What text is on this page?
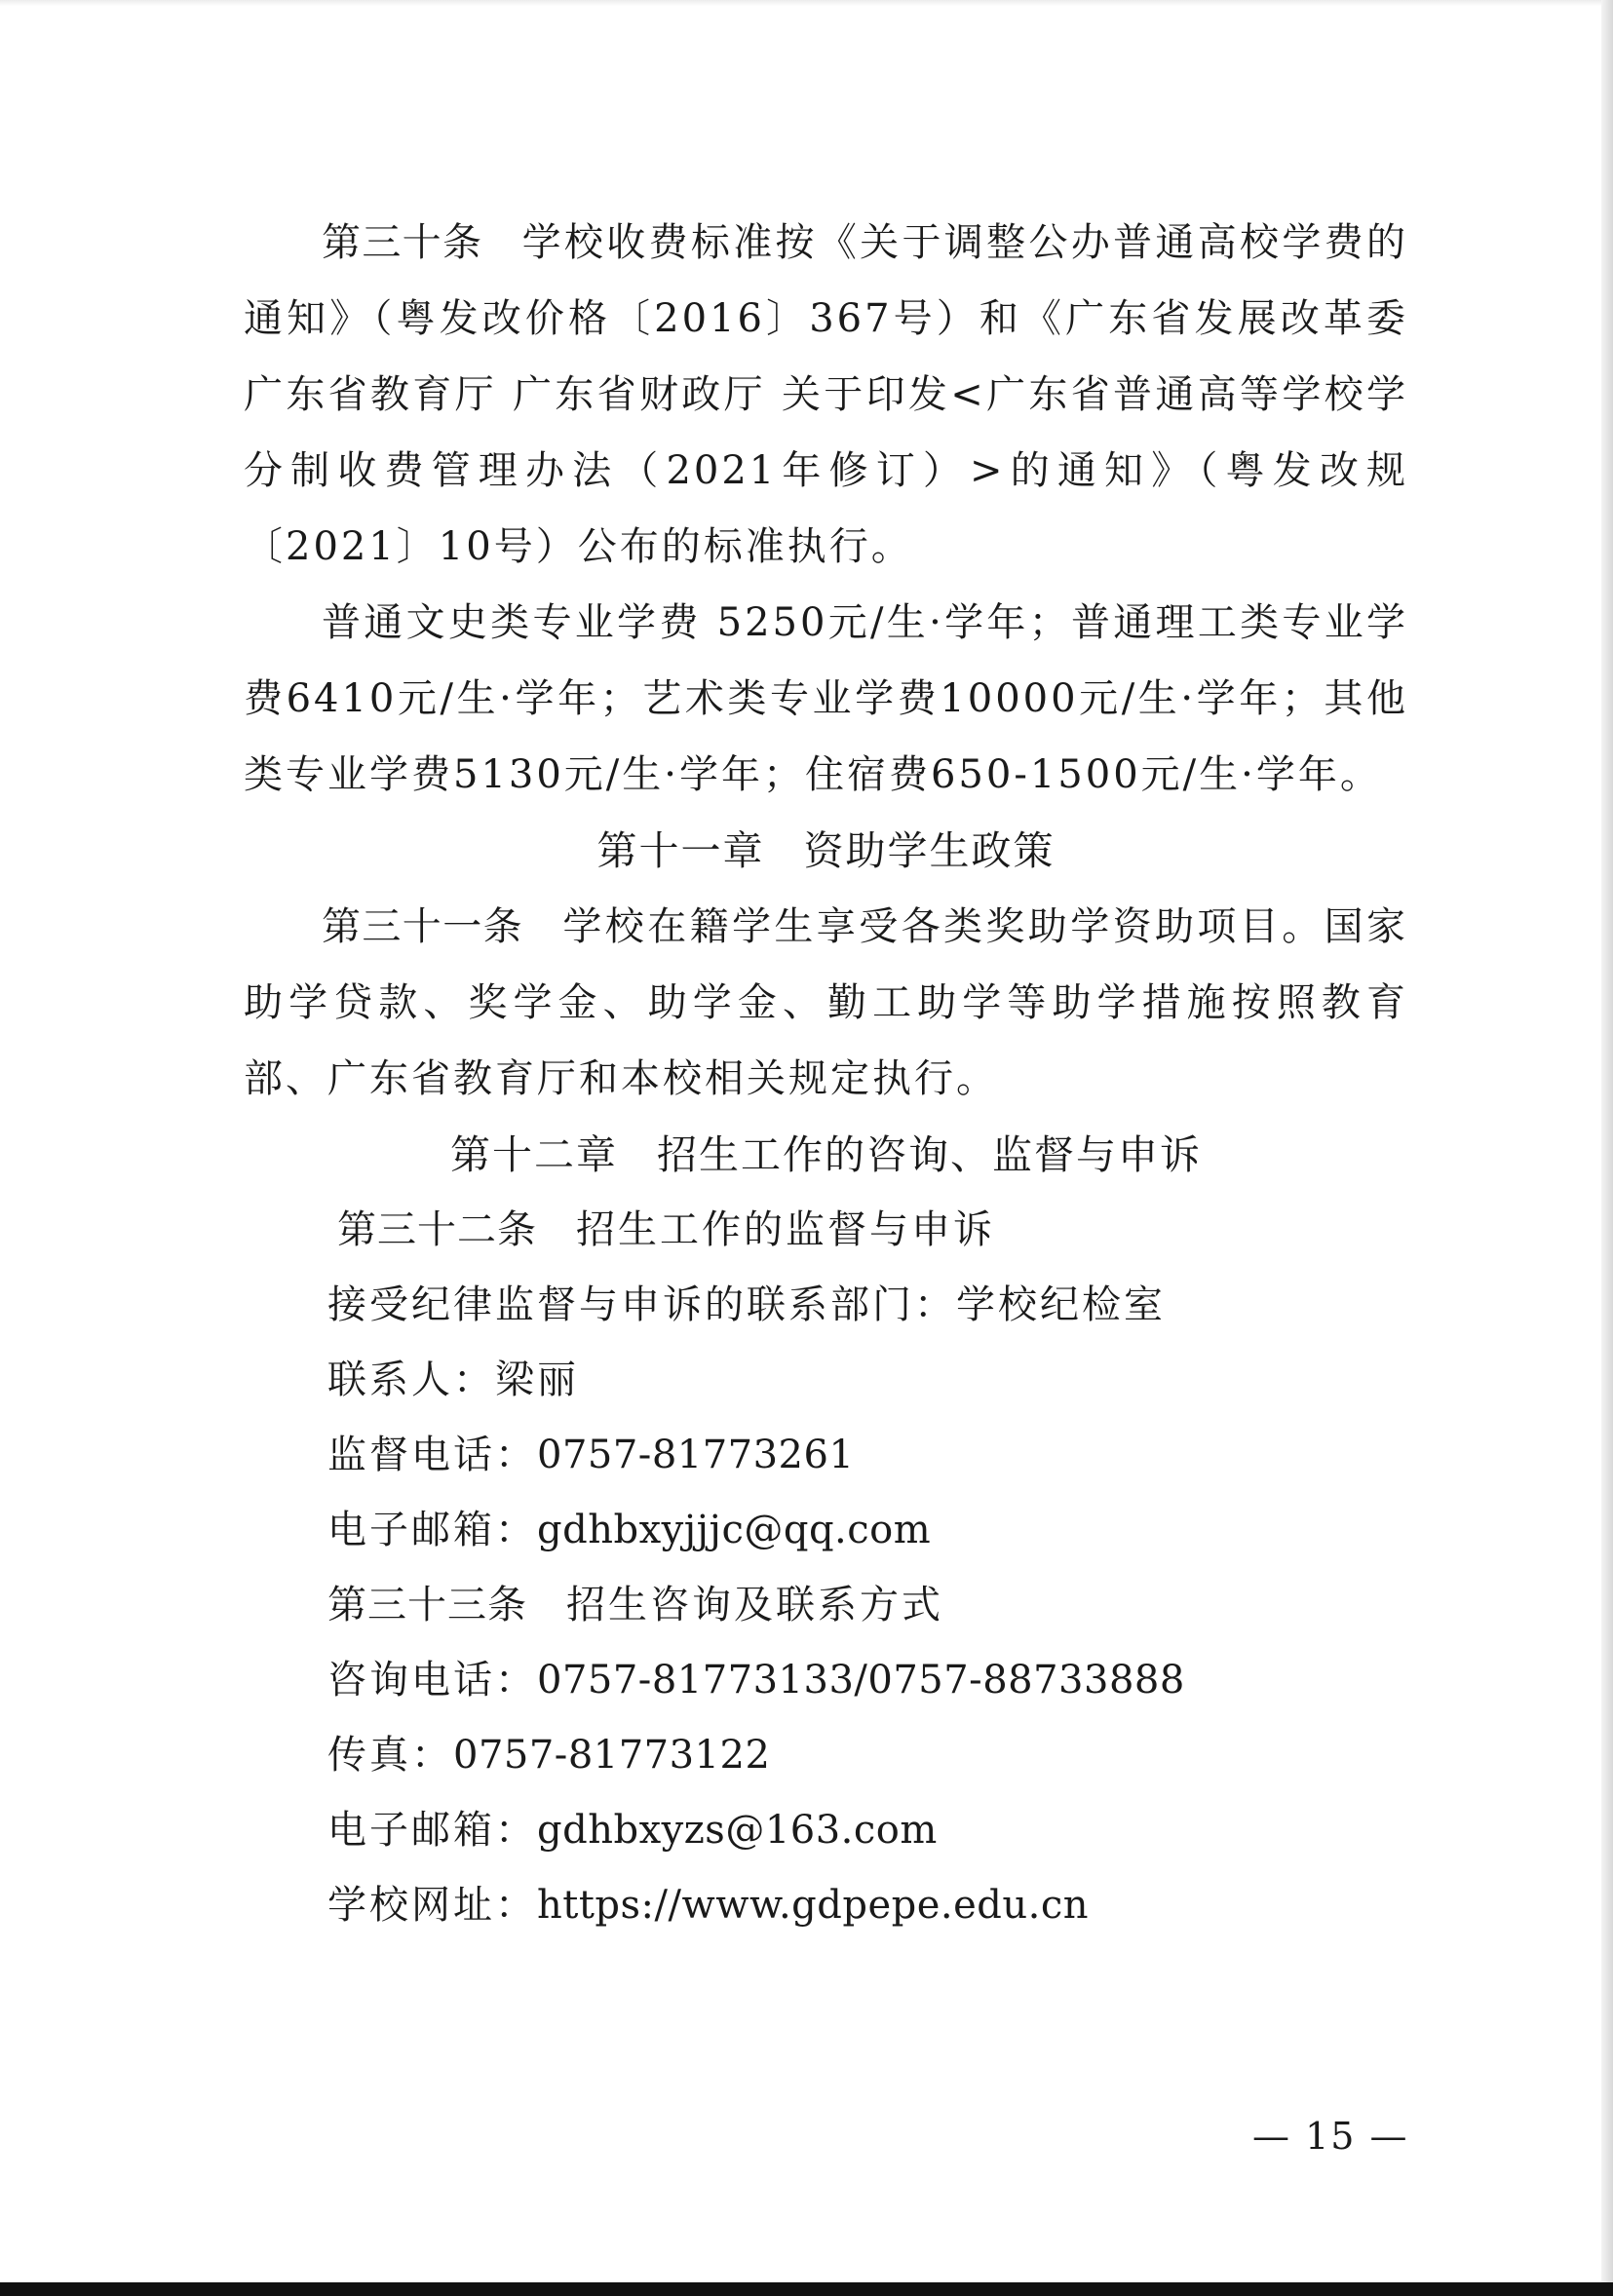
第三十条 学校收费标准按《关于调整公办普通高校学费的通知》（粤发改价格〔2016〕367号）和《广东省发展改革委 广东省教育厅 广东省财政厅 关于印发<广东省普通高等学校学分制收费管理办法（2021年修订）>的通知》（粤发改规〔2021〕10号）公布的标准执行。

普通文史类专业学费 5250元/生·学年；普通理工类专业学费6410元/生·学年；艺术类专业学费10000元/生·学年；其他类专业学费5130元/生·学年；住宿费650-1500元/生·学年。

第十一章 资助学生政策

第三十一条 学校在籍学生享受各类奖助学资助项目。国家助学贷款、奖学金、助学金、勤工助学等助学措施按照教育部、广东省教育厅和本校相关规定执行。

第十二章 招生工作的咨询、监督与申诉

第三十二条 招生工作的监督与申诉

接受纪律监督与申诉的联系部门：学校纪检室

联系人：梁丽

监督电话：0757-81773261

电子邮箱：gdhbxyjjjc@qq.com

第三十三条 招生咨询及联系方式

咨询电话：0757-81773133/0757-88733888

传真：0757-81773122

电子邮箱：gdhbxyzs@163.com

学校网址：https://www.gdpepe.edu.cn

— 15 —
